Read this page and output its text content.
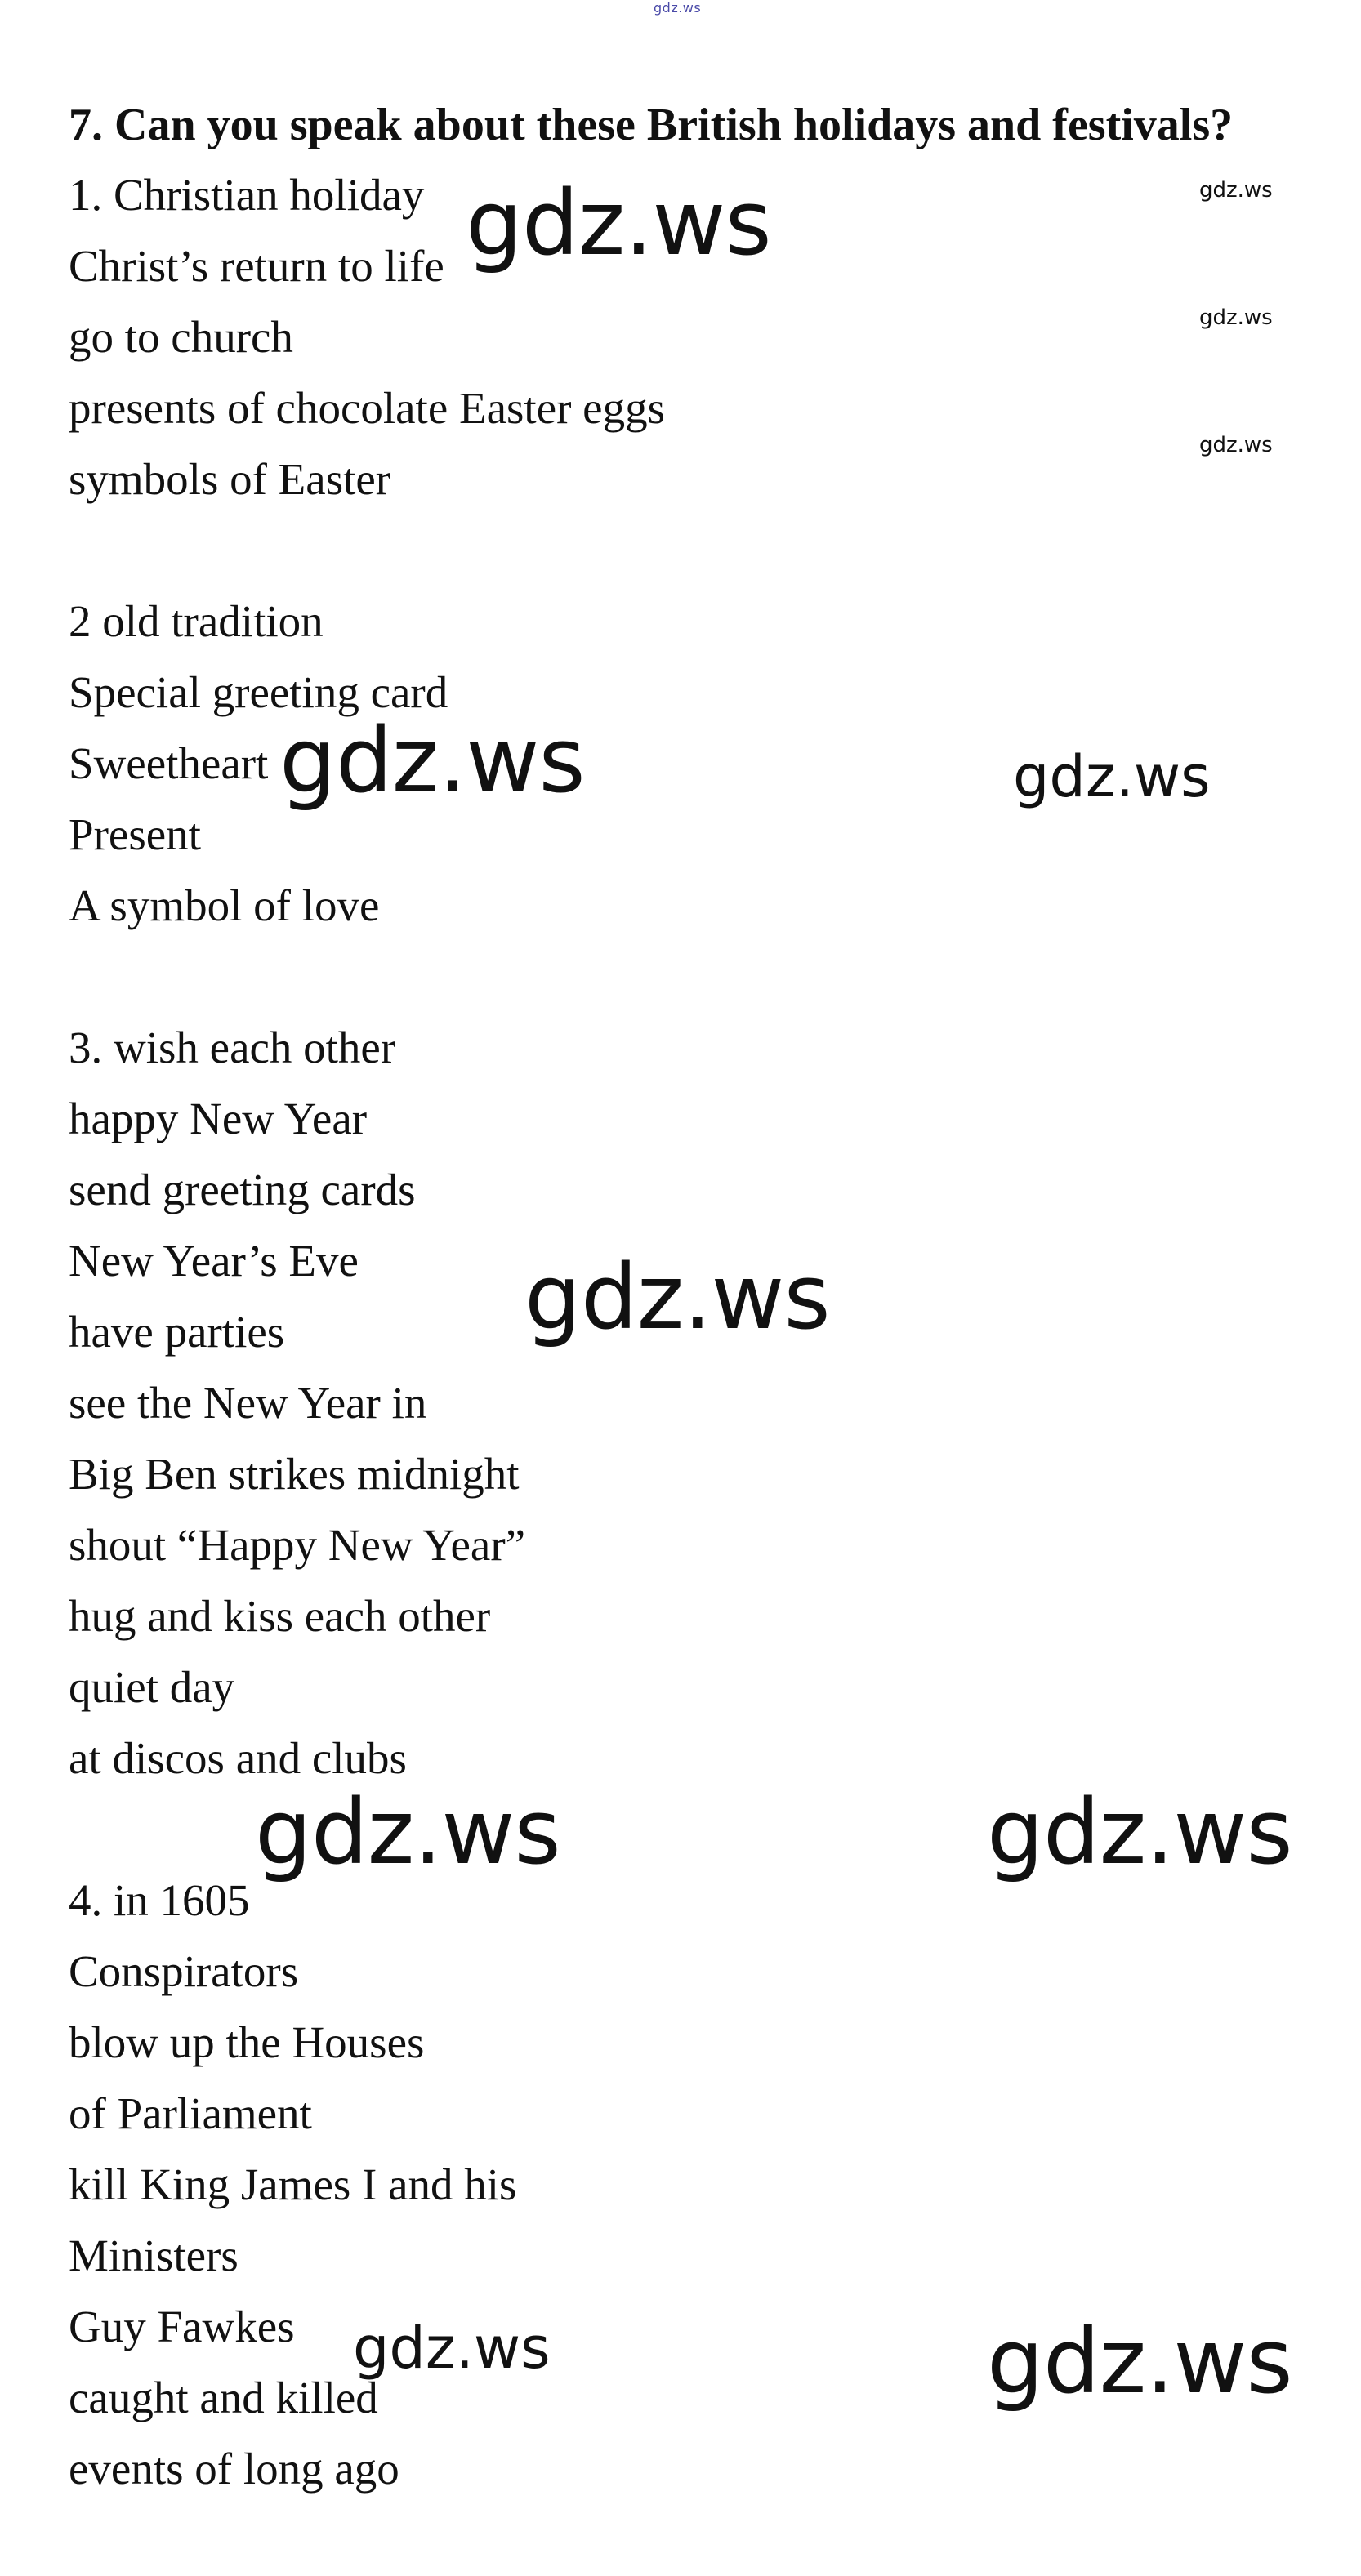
gdz.ws
7. Can you speak about these British holidays and festivals?
1. Christian holiday
Christ’s return to life
go to church
presents of chocolate Easter eggs
symbols of Easter
2 old tradition
Special greeting card
Sweetheart
Present
A symbol of love
3. wish each other
happy New Year
send greeting cards
New Year’s Eve
have parties
see the New Year in
Big Ben strikes midnight
shout “Happy New Year”
hug and kiss each other
quiet day
at discos and clubs
4. in 1605
Conspirators
blow up the Houses
of Parliament
kill King James I and his
Ministers
Guy Fawkes
caught and killed
events of long ago
gdz.ws	gdz.ws
gdz.ws
gdz.ws
gdz.ws	gdz.ws
gdz.ws
gdz.ws	gdz.ws
gdz.ws	gdz.ws
